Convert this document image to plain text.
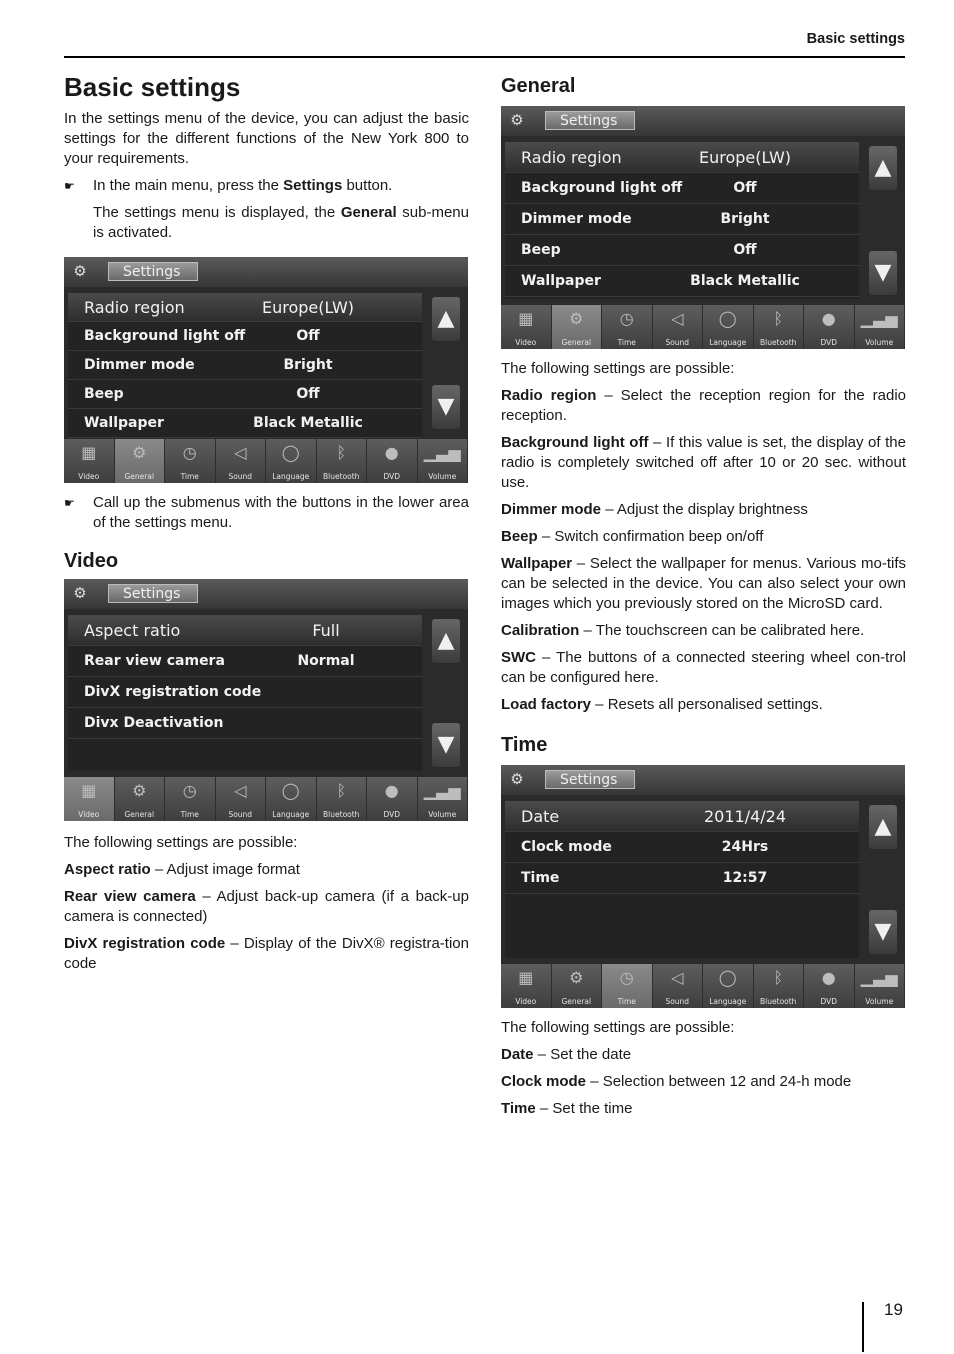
Basic settings
Basic settings

In the settings menu of the device, you can adjust the basic settings for the different functions of the New York 800 to your requirements.

☛	In the main menu, press the Settings button.

The settings menu is displayed, the General sub-menu is activated.

⚙	Settings
Radio region	Europe(LW)
Background light off	Off
Dimmer mode	Bright
Beep	Off
Wallpaper	Black Metallic
▲
▼
▦
Video
⚙
General
◷
Time
◁
Sound
◯
Language
ᛒ
Bluetooth
●
DVD
▁▃▅
Volume
☛	Call up the submenus with the buttons in the lower area of the settings menu.
Video
⚙	Settings
Aspect ratio	Full
Rear view camera	Normal
DivX registration code
Divx Deactivation
▲
▼
▦
Video
⚙
General
◷
Time
◁
Sound
◯
Language
ᛒ
Bluetooth
●
DVD
▁▃▅
Volume

The following settings are possible:

Aspect ratio – Adjust image format

Rear view camera – Adjust back-up camera (if a back-up camera is connected)

DivX registration code – Display of the DivX® registra-tion code

General
⚙	Settings
Radio region	Europe(LW)
Background light off	Off
Dimmer mode	Bright
Beep	Off
Wallpaper	Black Metallic
▲
▼
▦
Video
⚙
General
◷
Time
◁
Sound
◯
Language
ᛒ
Bluetooth
●
DVD
▁▃▅
Volume

The following settings are possible:

Radio region – Select the reception region for the radio reception.

Background light off – If this value is set, the display of the radio is completely switched off after 10 or 20 sec. without use.

Dimmer mode – Adjust the display brightness

Beep – Switch confirmation beep on/off

Wallpaper – Select the wallpaper for menus. Various mo-tifs can be selected in the device. You can also select your own images which you previously stored on the MicroSD card.

Calibration – The touchscreen can be calibrated here.

SWC – The buttons of a connected steering wheel con-trol can be configured here.

Load factory – Resets all personalised settings.

Time
⚙	Settings
Date	2011/4/24
Clock mode	24Hrs
Time	12:57
▲
▼
▦
Video
⚙
General
◷
Time
◁
Sound
◯
Language
ᛒ
Bluetooth
●
DVD
▁▃▅
Volume

The following settings are possible:

Date – Set the date

Clock mode – Selection between 12 and 24-h mode

Time – Set the time

19
